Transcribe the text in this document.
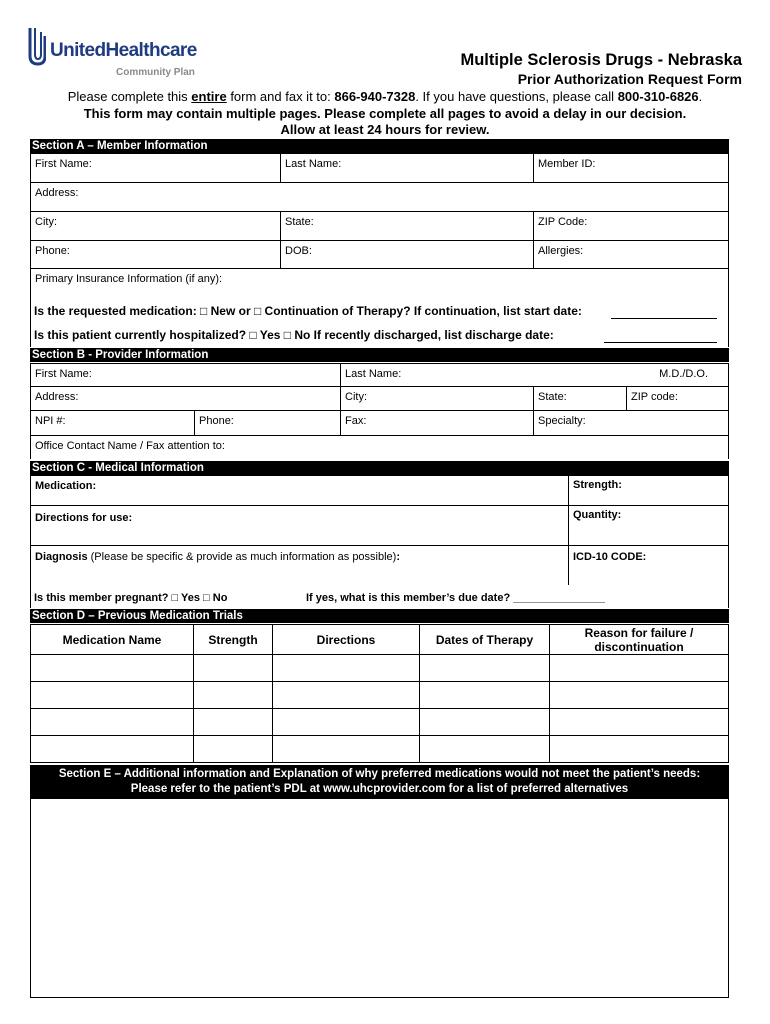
UnitedHealthcare
Community Plan
Multiple Sclerosis Drugs - Nebraska
Prior Authorization Request Form
Please complete this entire form and fax it to: 866-940-7328. If you have questions, please call 800-310-6826.
This form may contain multiple pages. Please complete all pages to avoid a delay in our decision.
Allow at least 24 hours for review.
Section A – Member Information
First Name:	Last Name:	Member ID:
Address:
City:	State:	ZIP Code:
Phone:	DOB:	Allergies:
Primary Insurance Information (if any):
Is the requested medication: □ New or □ Continuation of Therapy? If continuation, list start date:
Is this patient currently hospitalized? □ Yes □ No If recently discharged, list discharge date:
Section B - Provider Information
First Name:	Last Name:	M.D./D.O.
Address:	City:	State:	ZIP code:
NPI #:	Phone:	Fax:	Specialty:
Office Contact Name / Fax attention to:
Section C - Medical Information
Medication:	Strength:
Directions for use:	Quantity:
Diagnosis (Please be specific & provide as much information as possible):	ICD-10 CODE:
Is this member pregnant? □ Yes □ No	If yes, what is this member’s due date? _______________
Section D – Previous Medication Trials
Medication Name	Strength	Directions	Dates of Therapy	Reason for failure / discontinuation
Section E – Additional information and Explanation of why preferred medications would not meet the patient’s needs:
Please refer to the patient’s PDL at www.uhcprovider.com for a list of preferred alternatives
